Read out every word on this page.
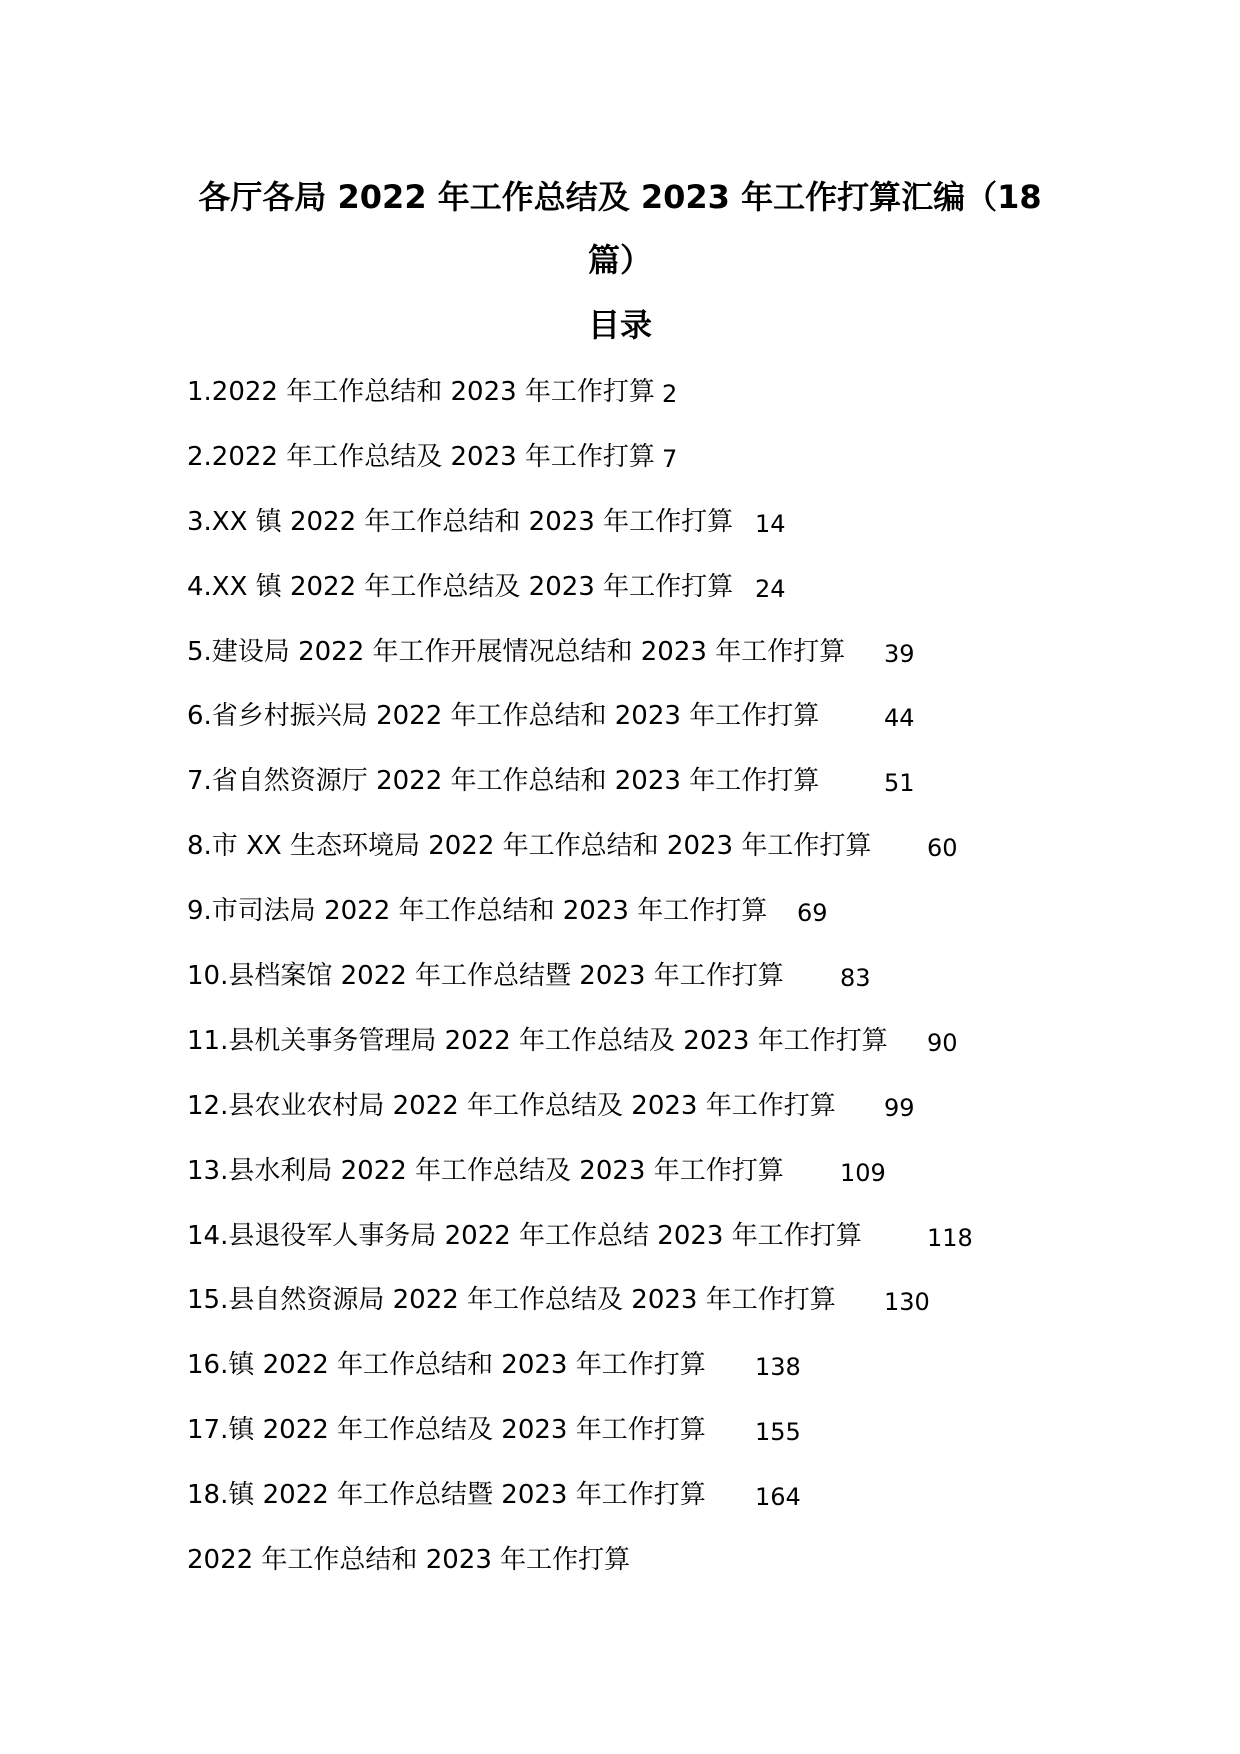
各厅各局 2022 年工作总结及 2023 年工作打算汇编（18
篇）
目录
1.2022 年工作总结和 2023 年工作打算 2
2.2022 年工作总结及 2023 年工作打算 7
3.XX 镇 2022 年工作总结和 2023 年工作打算 14
4.XX 镇 2022 年工作总结及 2023 年工作打算 24
5.建设局 2022 年工作开展情况总结和 2023 年工作打算 39
6.省乡村振兴局 2022 年工作总结和 2023 年工作打算	44
7.省自然资源厅 2022 年工作总结和 2023 年工作打算	51
8.市 XX 生态环境局 2022 年工作总结和 2023 年工作打算 60
9.市司法局 2022 年工作总结和 2023 年工作打算 69
10.县档案馆 2022 年工作总结暨 2023 年工作打算 83
11.县机关事务管理局 2022 年工作总结及 2023 年工作打算 90
12.县农业农村局 2022 年工作总结及 2023 年工作打算 99
13.县水利局 2022 年工作总结及 2023 年工作打算 109
14.县退役军人事务局 2022 年工作总结 2023 年工作打算	118
15.县自然资源局 2022 年工作总结及 2023 年工作打算 130
16.镇 2022 年工作总结和 2023 年工作打算 138
17.镇 2022 年工作总结及 2023 年工作打算 155
18.镇 2022 年工作总结暨 2023 年工作打算 164
2022 年工作总结和 2023 年工作打算
